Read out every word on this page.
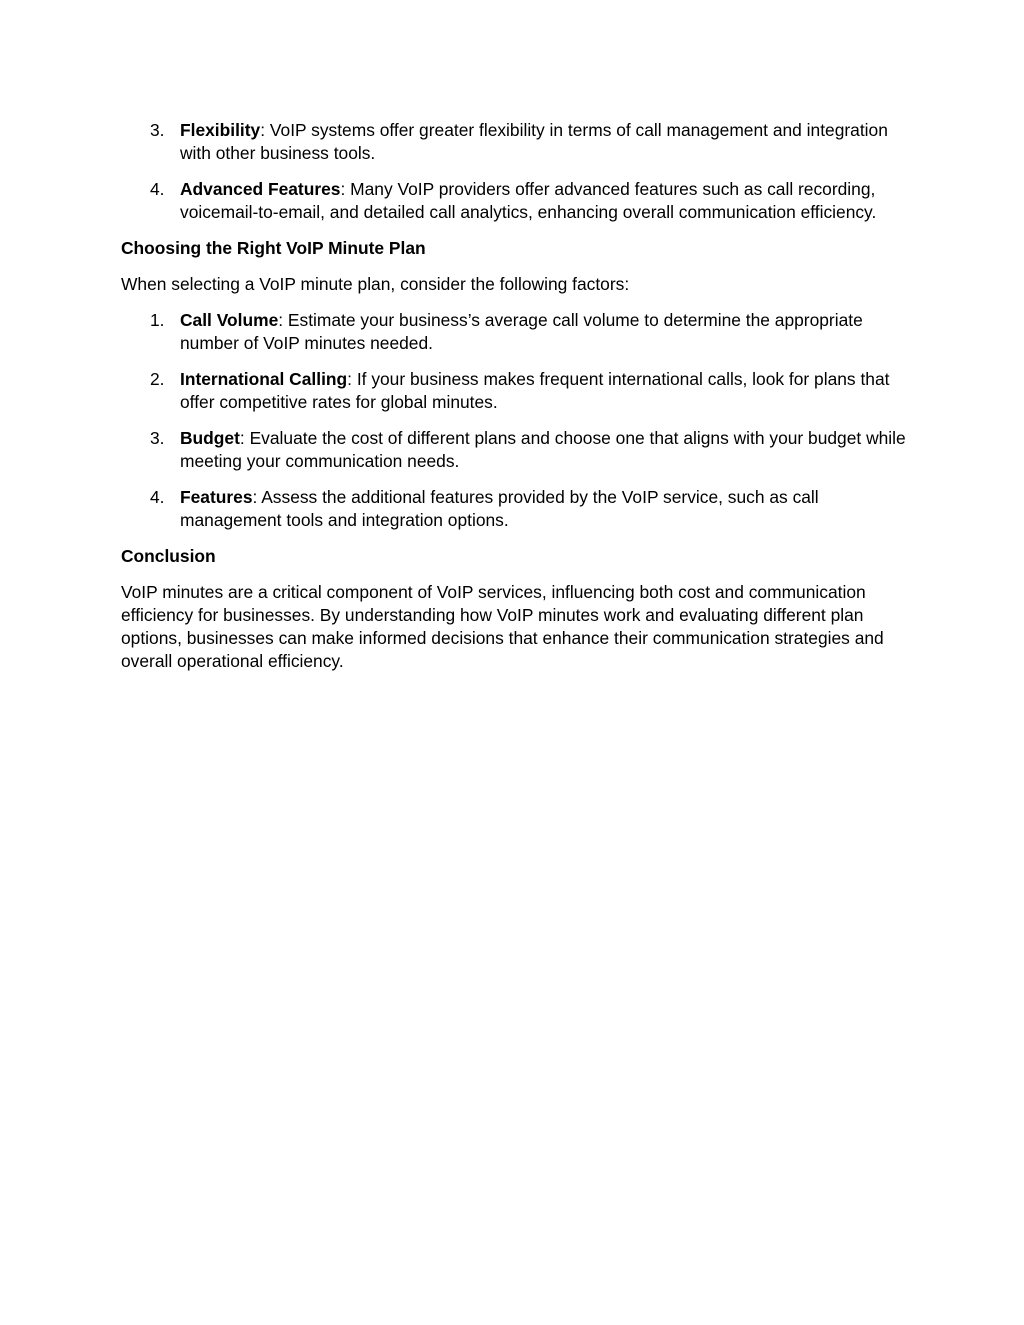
3. Flexibility: VoIP systems offer greater flexibility in terms of call management and integration with other business tools.
4. Advanced Features: Many VoIP providers offer advanced features such as call recording, voicemail-to-email, and detailed call analytics, enhancing overall communication efficiency.
Choosing the Right VoIP Minute Plan
When selecting a VoIP minute plan, consider the following factors:
1. Call Volume: Estimate your business’s average call volume to determine the appropriate number of VoIP minutes needed.
2. International Calling: If your business makes frequent international calls, look for plans that offer competitive rates for global minutes.
3. Budget: Evaluate the cost of different plans and choose one that aligns with your budget while meeting your communication needs.
4. Features: Assess the additional features provided by the VoIP service, such as call management tools and integration options.
Conclusion
VoIP minutes are a critical component of VoIP services, influencing both cost and communication efficiency for businesses. By understanding how VoIP minutes work and evaluating different plan options, businesses can make informed decisions that enhance their communication strategies and overall operational efficiency.
